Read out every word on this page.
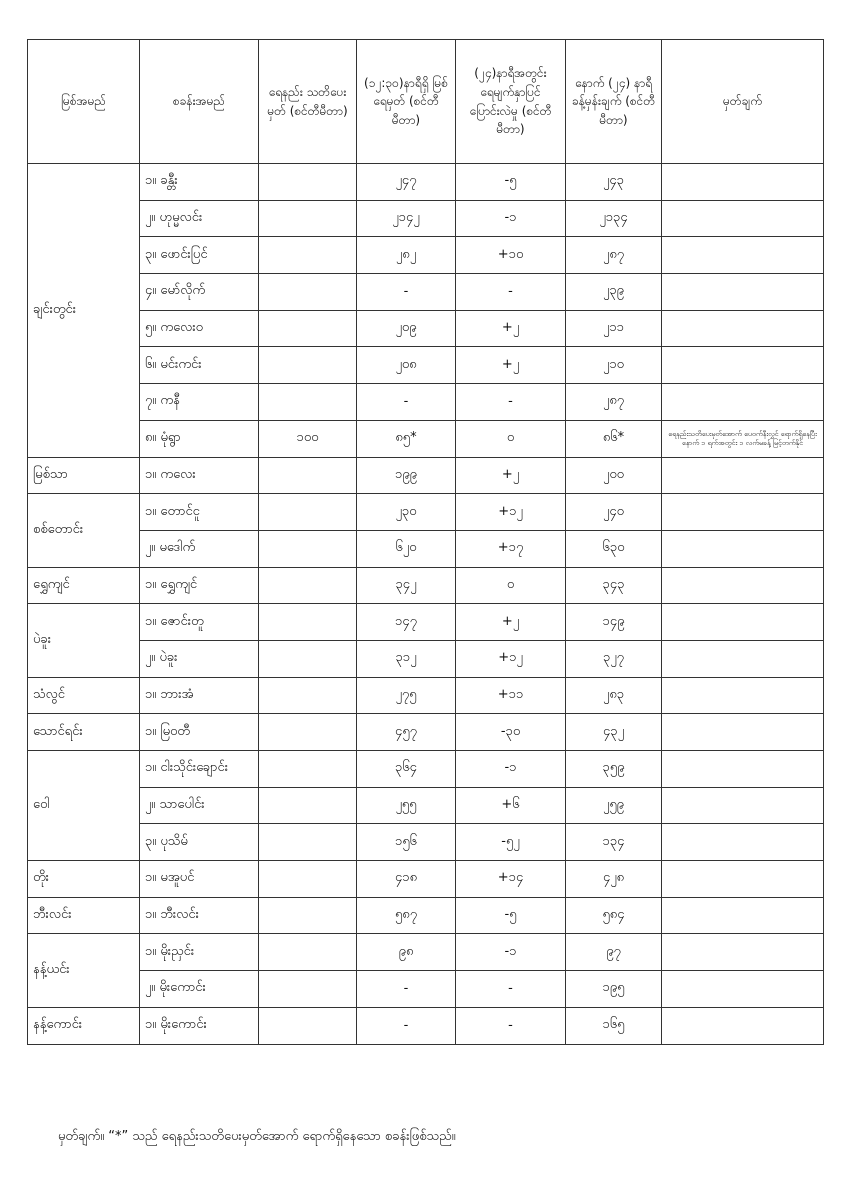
မြစ်အမည်	စခန်းအမည်	ရေနည်း သတိပေးမှတ် (စင်တီမီတာ)	(၁၂:၃၀)နာရီရှိ မြစ်ရေမှတ် (စင်တီမီတာ)	(၂၄)နာရီအတွင်း ရေမျက်နှာပြင် ပြောင်းလဲမှု (စင်တီမီတာ)	နောက် (၂၄) နာရီ ခန့်မှန်းချက် (စင်တီမီတာ)	မှတ်ချက်
ချင်းတွင်း	၁။ ခန္တီး		၂၄၇	-၅	၂၄၃	
	၂။ ဟုမ္မလင်း		၂၁၄၂	-၁	၂၁၃၄	
	၃။ ဖောင်းပြင်		၂၈၂	+၁၀	၂၈၇	
	၄။ မော်လိုက်		-	-	၂၃၉	
	၅။ ကလေးဝ		၂၀၉	+၂	၂၁၁	
	၆။ မင်းကင်း		၂၀၈	+၂	၂၁၀	
	၇။ ကနီ		-	-	၂၈၇	
	၈။ မုံရွာ	၁၀၀	၈၅*	၀	၈၆*	ရေနည်းသတိပေးမှတ်အောက် ပေ၀က်နီးလွှင် ရောက်ရှိနေပြီး နောက် ၁ ရက်အတွင်း ၁ လက်မခန့် မြင့်တက်နိုင်
မြစ်သာ	၁။ ကလေး		၁၉၉	+၂	၂၀၀	
စစ်တောင်း	၁။ တောင်ငူ		၂၃၀	+၁၂	၂၄၀	
	၂။ မဒေါက်		၆၂၀	+၁၇	၆၃၀	
ရွှေကျင်	၁။ ရွှေကျင်		၃၄၂	၀	၃၄၃	
ပဲခူး	၁။ ဇောင်းတူ		၁၄၇	+၂	၁၄၉	
	၂။ ပဲခူး		၃၁၂	+၁၂	၃၂၇	
သံလွင်	၁။ ဘားအံ		၂၇၅	+၁၁	၂၈၃	
သောင်ရင်း	၁။ မြဝတီ		၄၅၇	-၃၀	၄၃၂	
ဝေါ	၁။ ငါးသိုင်းချောင်း		၃၆၄	-၁	၃၅၉	
	၂။ သာပေါင်း		၂၅၅	+၆	၂၅၉	
	၃။ ပုသိမ်		၁၅၆	-၅၂	၁၃၄	
တိုး	၁။ မအူပင်		၄၁၈	+၁၄	၄၂၈	
ဘီးလင်း	၁။ ဘီးလင်း		၅၈၇	-၅	၅၈၄	
နန့်ယင်း	၁။ မိုးညှင်း		၉၈	-၁	၉၇	
	၂။ မိုးကောင်း		-	-	၁၉၅	
နန့်ကောင်း	၁။ မိုးကောင်း		-	-	၁၆၅	
မှတ်ချက်။ “*” သည် ရေနည်းသတိပေးမှတ်အောက် ရောက်ရှိနေသော စခန်းဖြစ်သည်။
